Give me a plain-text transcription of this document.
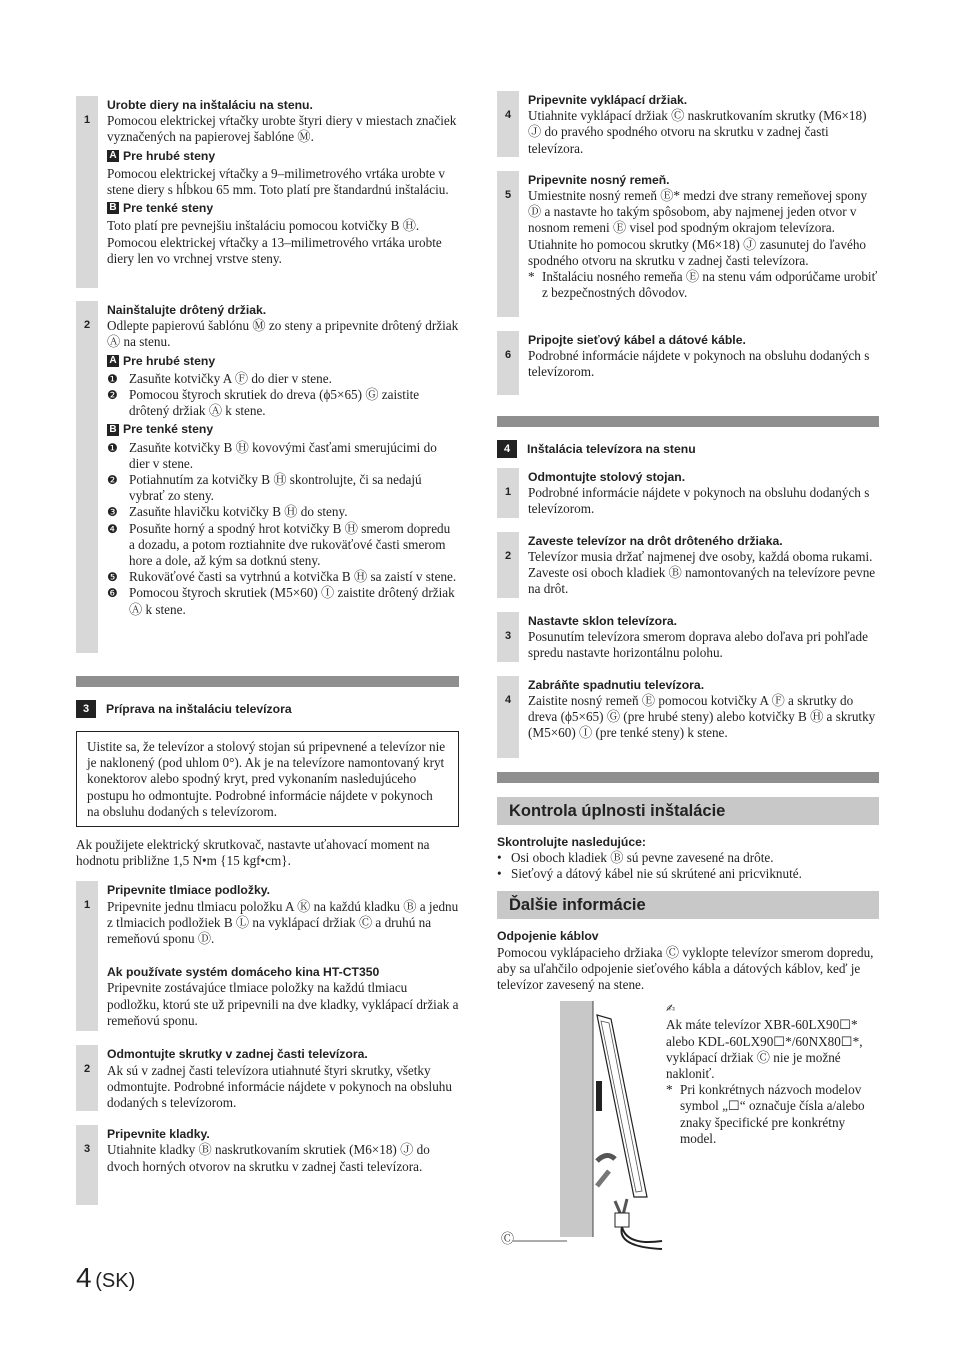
1
Urobte diery na inštaláciu na stenu.

Pomocou elektrickej vŕtačky urobte štyri diery v miestach značiek vyznačených na papierovej šablóne Ⓜ.

A Pre hrubé steny

Pomocou elektrickej vŕtačky a 9–milimetrového vrtáka urobte v stene diery s hĺbkou 65 mm. Toto platí pre štandardnú inštaláciu.

B Pre tenké steny

Toto platí pre pevnejšiu inštaláciu pomocou kotvičky B Ⓗ. Pomocou elektrickej vŕtačky a 13–milimetrového vrtáka urobte diery len vo vrchnej vrstve steny.

2
Nainštalujte drôtený držiak.

Odlepte papierovú šablónu Ⓜ zo steny a pripevnite drôtený držiak Ⓐ na stenu.

A Pre hrubé steny
❶ Zasuňte kotvičky A Ⓕ do dier v stene.
❷ Pomocou štyroch skrutiek do dreva (ϕ5×65) Ⓖ zaistite drôtený držiak Ⓐ k stene.
B Pre tenké steny
❶ Zasuňte kotvičky B Ⓗ kovovými časťami smerujúcimi do dier v stene.
❷ Potiahnutím za kotvičky B Ⓗ skontrolujte, či sa nedajú vybrať zo steny.
❸ Zasuňte hlavičku kotvičky B Ⓗ do steny.
❹ Posuňte horný a spodný hrot kotvičky B Ⓗ smerom dopredu a dozadu, a potom roztiahnite dve rukoväťové časti smerom hore a dole, až kým sa dotknú steny.
❺ Rukoväťové časti sa vytrhnú a kotvička B Ⓗ sa zaistí v stene.
❻ Pomocou štyroch skrutiek (M5×60) Ⓘ zaistite drôtený držiak Ⓐ k stene.
3	Príprava na inštaláciu televízora
Uistite sa, že televízor a stolový stojan sú pripevnené a televízor nie je naklonený (pod uhlom 0°). Ak je na televízore namontovaný kryt konektorov alebo spodný kryt, pred vykonaním nasledujúceho postupu ho odmontujte. Podrobné informácie nájdete v pokynoch na obsluhu dodaných s televízorom.

Ak použijete elektrický skrutkovač, nastavte uťahovací moment na hodnotu približne 1,5 N•m {15 kgf•cm}.

1
Pripevnite tlmiace podložky.

Pripevnite jednu tlmiacu položku A Ⓚ na každú kladku Ⓑ a jednu z tlmiacich podložiek B Ⓛ na vyklápací držiak Ⓒ a druhú na remeňovú sponu Ⓓ.

Ak používate systém domáceho kina HT-CT350

Pripevnite zostávajúce tlmiace položky na každú tlmiacu podložku, ktorú ste už pripevnili na dve kladky, vyklápací držiak a remeňovú sponu.

2
Odmontujte skrutky v zadnej časti televízora.

Ak sú v zadnej časti televízora utiahnuté štyri skrutky, všetky odmontujte. Podrobné informácie nájdete v pokynoch na obsluhu dodaných s televízorom.

3
Pripevnite kladky.

Utiahnite kladky Ⓑ naskrutkovaním skrutiek (M6×18) Ⓙ do dvoch horných otvorov na skrutku v zadnej časti televízora.

4
Pripevnite vyklápací držiak.

Utiahnite vyklápací držiak Ⓒ naskrutkovaním skrutky (M6×18) Ⓙ do pravého spodného otvoru na skrutku v zadnej časti televízora.

5
Pripevnite nosný remeň.

Umiestnite nosný remeň Ⓔ* medzi dve strany remeňovej spony Ⓓ a nastavte ho takým spôsobom, aby najmenej jeden otvor v nosnom remeni Ⓔ visel pod spodným okrajom televízora.

Utiahnite ho pomocou skrutky (M6×18) Ⓙ zasunutej do ľavého spodného otvoru na skrutku v zadnej časti televízora.

* Inštaláciu nosného remeňa Ⓔ na stenu vám odporúčame urobiť z bezpečnostných dôvodov.
6
Pripojte sieťový kábel a dátové káble.

Podrobné informácie nájdete v pokynoch na obsluhu dodaných s televízorom.

4	Inštalácia televízora na stenu
1
Odmontujte stolový stojan.

Podrobné informácie nájdete v pokynoch na obsluhu dodaných s televízorom.

2
Zaveste televízor na drôt drôteného držiaka.

Televízor musia držať najmenej dve osoby, každá oboma rukami. Zaveste osi oboch kladiek Ⓑ namontovaných na televízore pevne na drôt.

3
Nastavte sklon televízora.

Posunutím televízora smerom doprava alebo doľava pri pohľade spredu nastavte horizontálnu polohu.

4
Zabráňte spadnutiu televízora.

Zaistite nosný remeň Ⓔ pomocou kotvičky A Ⓕ a skrutky do dreva (ϕ5×65) Ⓖ (pre hrubé steny) alebo kotvičky B Ⓗ a skrutky (M5×60) Ⓘ (pre tenké steny) k stene.

Kontrola úplnosti inštalácie
Skontrolujte nasledujúce:
• Osi oboch kladiek Ⓑ sú pevne zavesené na drôte.
• Sieťový a dátový kábel nie sú skrútené ani pricviknuté.
Ďalšie informácie
Odpojenie káblov

Pomocou vyklápacieho držiaka Ⓒ vyklopte televízor smerom dopredu, aby sa uľahčilo odpojenie sieťového kábla a dátových káblov, keď je televízor zavesený na stene.

Ⓒ
✍

Ak máte televízor XBR-60LX90☐* alebo KDL-60LX90☐*/60NX80☐*, vyklápací držiak Ⓒ nie je možné nakloniť.

* Pri konkrétnych názvoch modelov symbol „☐“ označuje čísla a/alebo znaky špecifické pre konkrétny model.
4 (SK)
